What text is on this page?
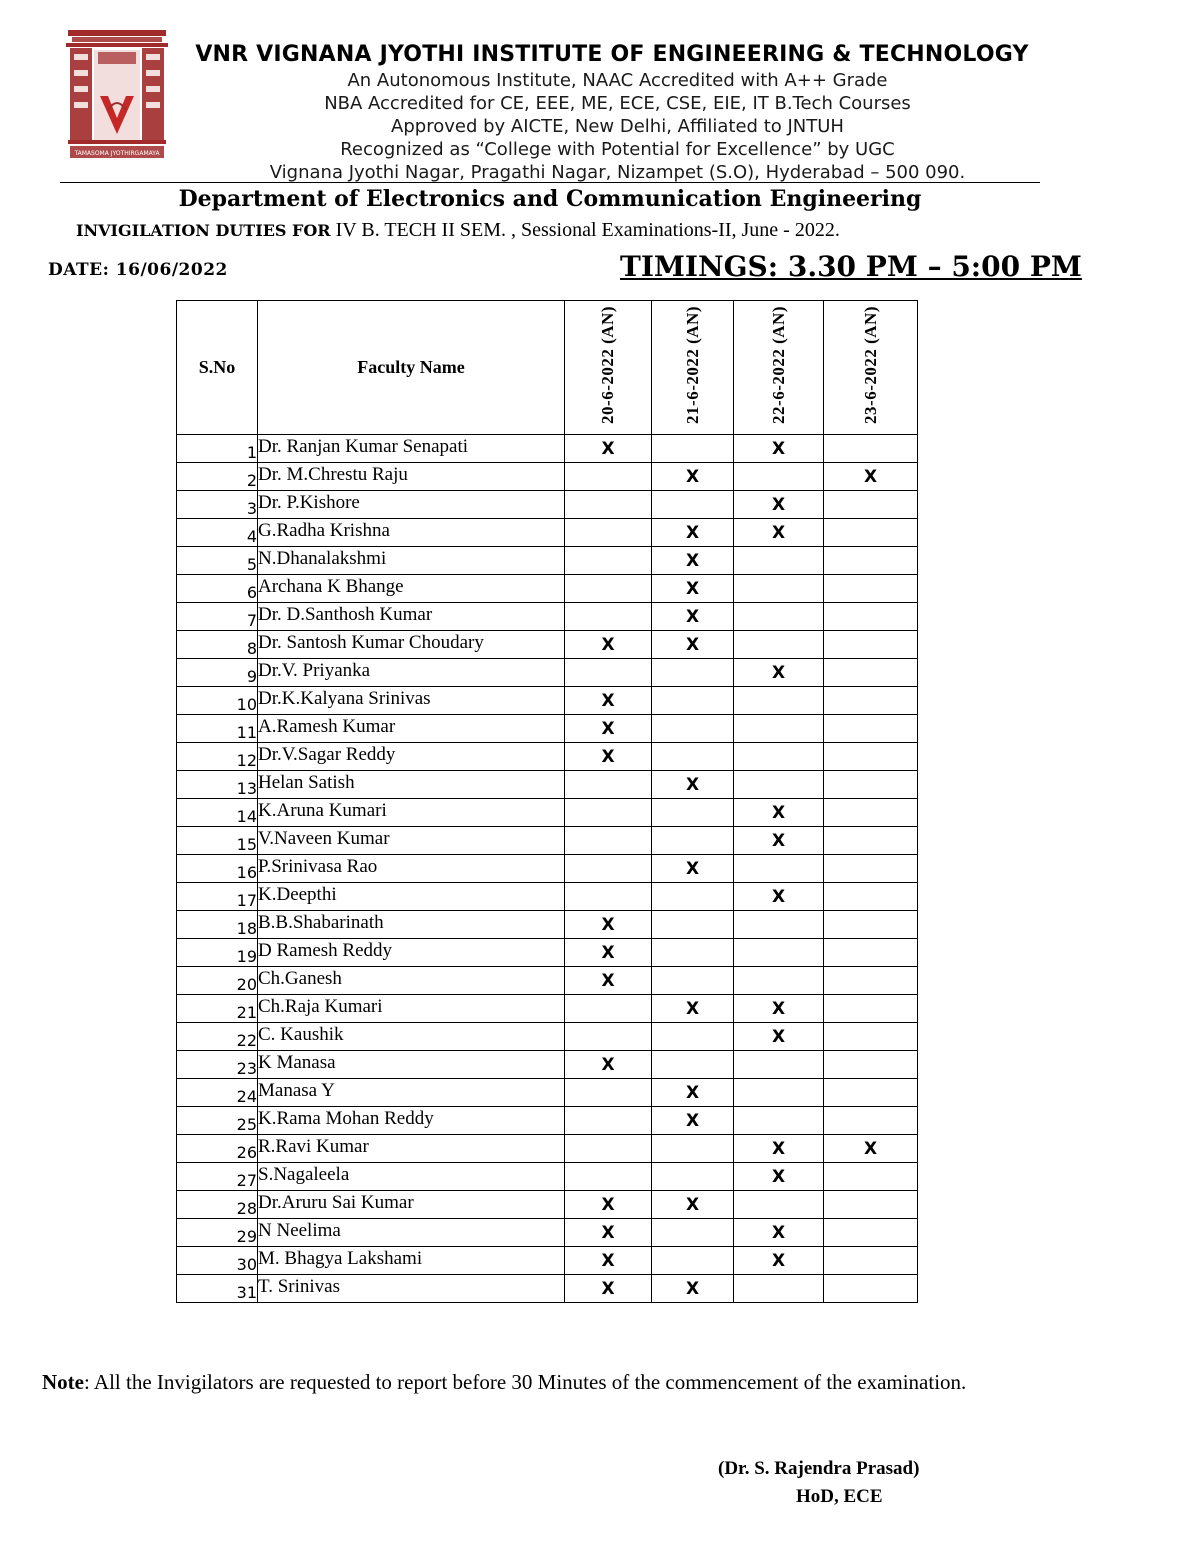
TAMASOMA JYOTHIRGAMAYA
VNR VIGNANA JYOTHI INSTITUTE OF ENGINEERING & TECHNOLOGY
An Autonomous Institute, NAAC Accredited with A++ Grade
NBA Accredited for CE, EEE, ME, ECE, CSE, EIE, IT B.Tech Courses
Approved by AICTE, New Delhi, Affiliated to JNTUH
Recognized as “College with Potential for Excellence” by UGC
Vignana Jyothi Nagar, Pragathi Nagar, Nizampet (S.O), Hyderabad – 500 090.
Department of Electronics and Communication Engineering
INVIGILATION DUTIES FOR IV B. TECH II SEM. , Sessional Examinations-II, June - 2022.
DATE: 16/06/2022	TIMINGS: 3.30 PM – 5:00 PM
S.No	Faculty Name	20-6-2022 (AN)	21-6-2022 (AN)	22-6-2022 (AN)	23-6-2022 (AN)
1	Dr. Ranjan Kumar Senapati	X		X	
2	Dr. M.Chrestu Raju		X		X
3	Dr. P.Kishore			X	
4	G.Radha Krishna		X	X	
5	N.Dhanalakshmi		X		
6	Archana K Bhange		X		
7	Dr. D.Santhosh Kumar		X		
8	Dr. Santosh Kumar Choudary	X	X		
9	Dr.V. Priyanka			X	
10	Dr.K.Kalyana Srinivas	X			
11	A.Ramesh Kumar	X			
12	Dr.V.Sagar Reddy	X			
13	Helan Satish		X		
14	K.Aruna Kumari			X	
15	V.Naveen Kumar			X	
16	P.Srinivasa Rao		X		
17	K.Deepthi			X	
18	B.B.Shabarinath	X			
19	D Ramesh Reddy	X			
20	Ch.Ganesh	X			
21	Ch.Raja Kumari		X	X	
22	C. Kaushik			X	
23	K Manasa	X			
24	Manasa Y		X		
25	K.Rama Mohan Reddy		X		
26	R.Ravi Kumar			X	X
27	S.Nagaleela			X	
28	Dr.Aruru Sai Kumar	X	X		
29	N Neelima	X		X	
30	M. Bhagya Lakshami	X		X	
31	T. Srinivas	X	X		
Note: All the Invigilators are requested to report before 30 Minutes of the commencement of the examination.
(Dr. S. Rajendra Prasad)
HoD, ECE
